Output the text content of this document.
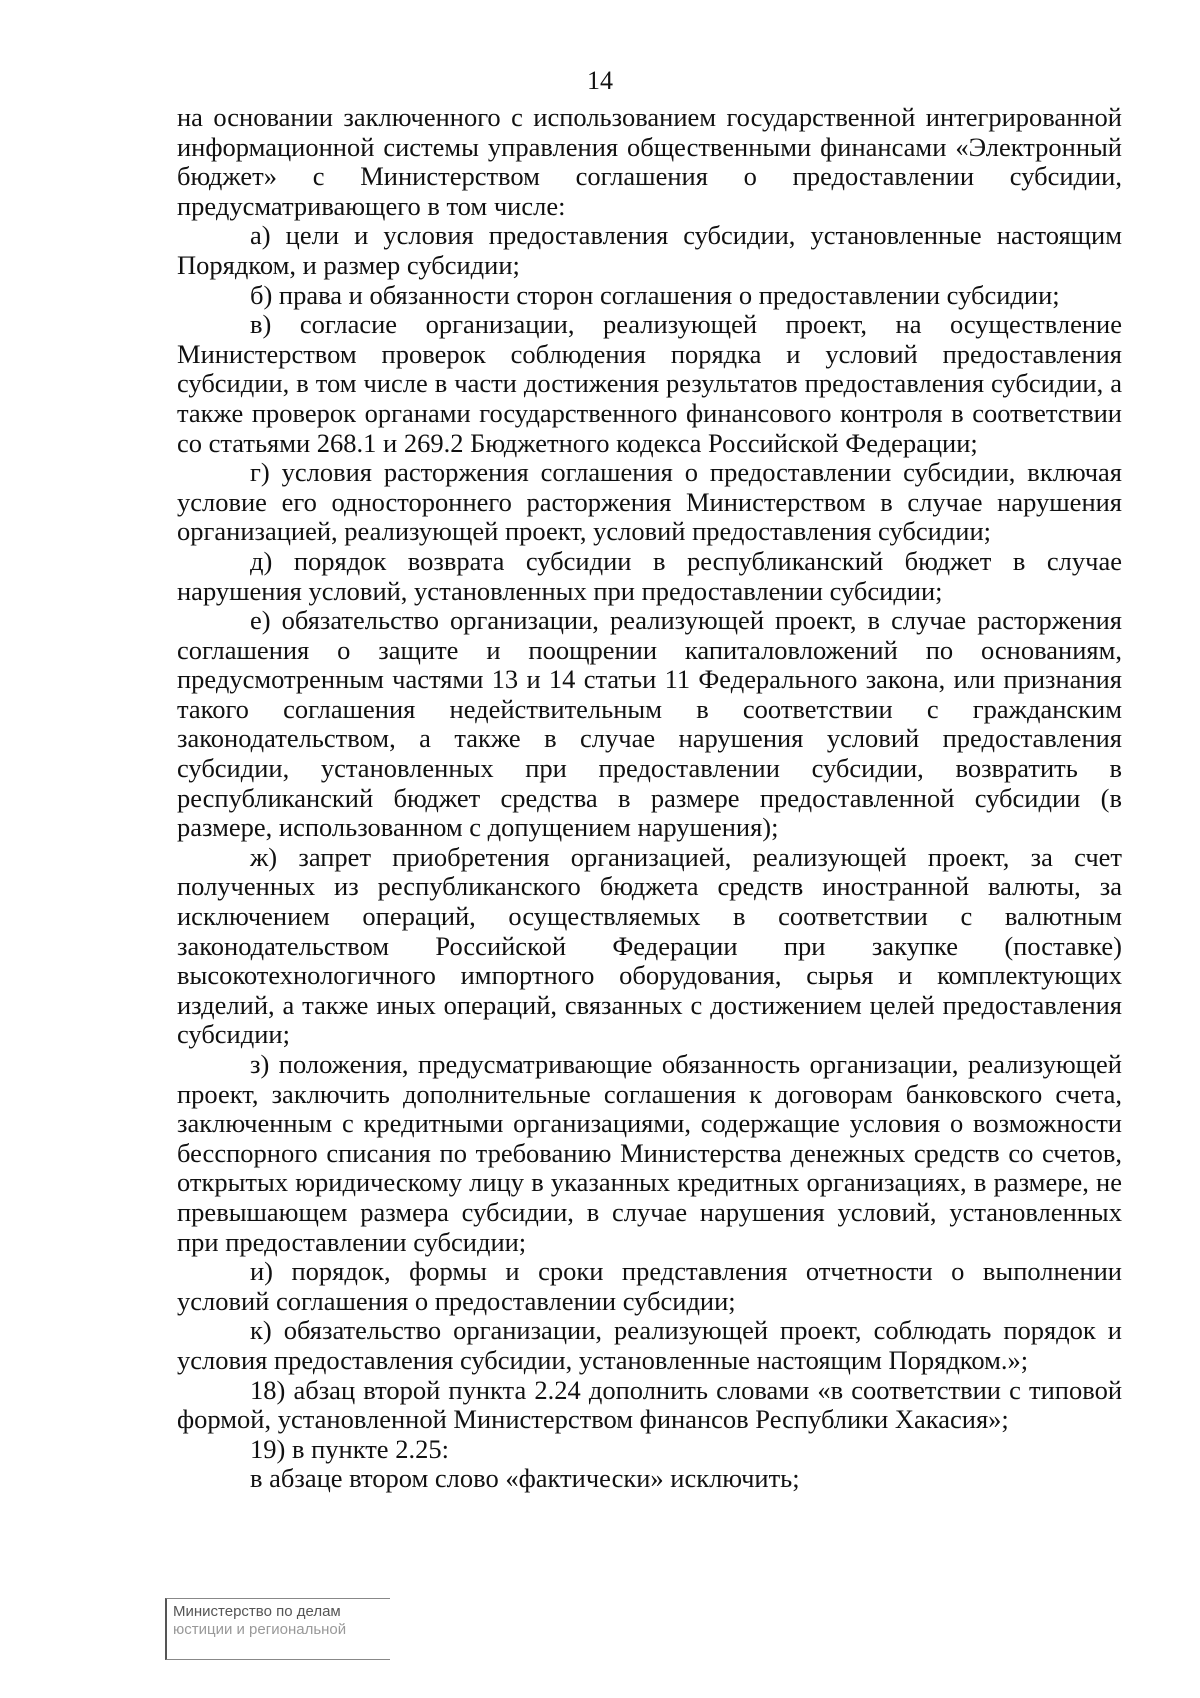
14

на основании заключенного с использованием государственной интегрированной информационной системы управления общественными финансами «Электронный бюджет» с Министерством соглашения о предоставлении субсидии, предусматривающего в том числе:

а) цели и условия предоставления субсидии, установленные настоящим Порядком, и размер субсидии;

б) права и обязанности сторон соглашения о предоставлении субсидии;

в) согласие организации, реализующей проект, на осуществление Министерством проверок соблюдения порядка и условий предоставления субсидии, в том числе в части достижения результатов предоставления субсидии, а также проверок органами государственного финансового контроля в соответствии со статьями 268.1 и 269.2 Бюджетного кодекса Российской Федерации;

г) условия расторжения соглашения о предоставлении субсидии, включая условие его одностороннего расторжения Министерством в случае нарушения организацией, реализующей проект, условий предоставления субсидии;

д) порядок возврата субсидии в республиканский бюджет в случае нарушения условий, установленных при предоставлении субсидии;

е) обязательство организации, реализующей проект, в случае расторжения соглашения о защите и поощрении капиталовложений по основаниям, предусмотренным частями 13 и 14 статьи 11 Федерального закона, или признания такого соглашения недействительным в соответствии с гражданским законодательством, а также в случае нарушения условий предоставления субсидии, установленных при предоставлении субсидии, возвратить в республиканский бюджет средства в размере предоставленной субсидии (в размере, использованном с допущением нарушения);

ж) запрет приобретения организацией, реализующей проект, за счет полученных из республиканского бюджета средств иностранной валюты, за исключением операций, осуществляемых в соответствии с валютным законодательством Российской Федерации при закупке (поставке) высокотехнологичного импортного оборудования, сырья и комплектующих изделий, а также иных операций, связанных с достижением целей предоставления субсидии;

з) положения, предусматривающие обязанность организации, реализующей проект, заключить дополнительные соглашения к договорам банковского счета, заключенным с кредитными организациями, содержащие условия о возможности бесспорного списания по требованию Министерства денежных средств со счетов, открытых юридическому лицу в указанных кредитных организациях, в размере, не превышающем размера субсидии, в случае нарушения условий, установленных при предоставлении субсидии;

и) порядок, формы и сроки представления отчетности о выполнении условий соглашения о предоставлении субсидии;

к) обязательство организации, реализующей проект, соблюдать порядок и условия предоставления субсидии, установленные настоящим Порядком.»;

18) абзац второй пункта 2.24 дополнить словами «в соответствии с типовой формой, установленной Министерством финансов Республики Хакасия»;

19) в пункте 2.25:

в абзаце втором слово «фактически» исключить;

Министерство по делам
юстиции и региональной
